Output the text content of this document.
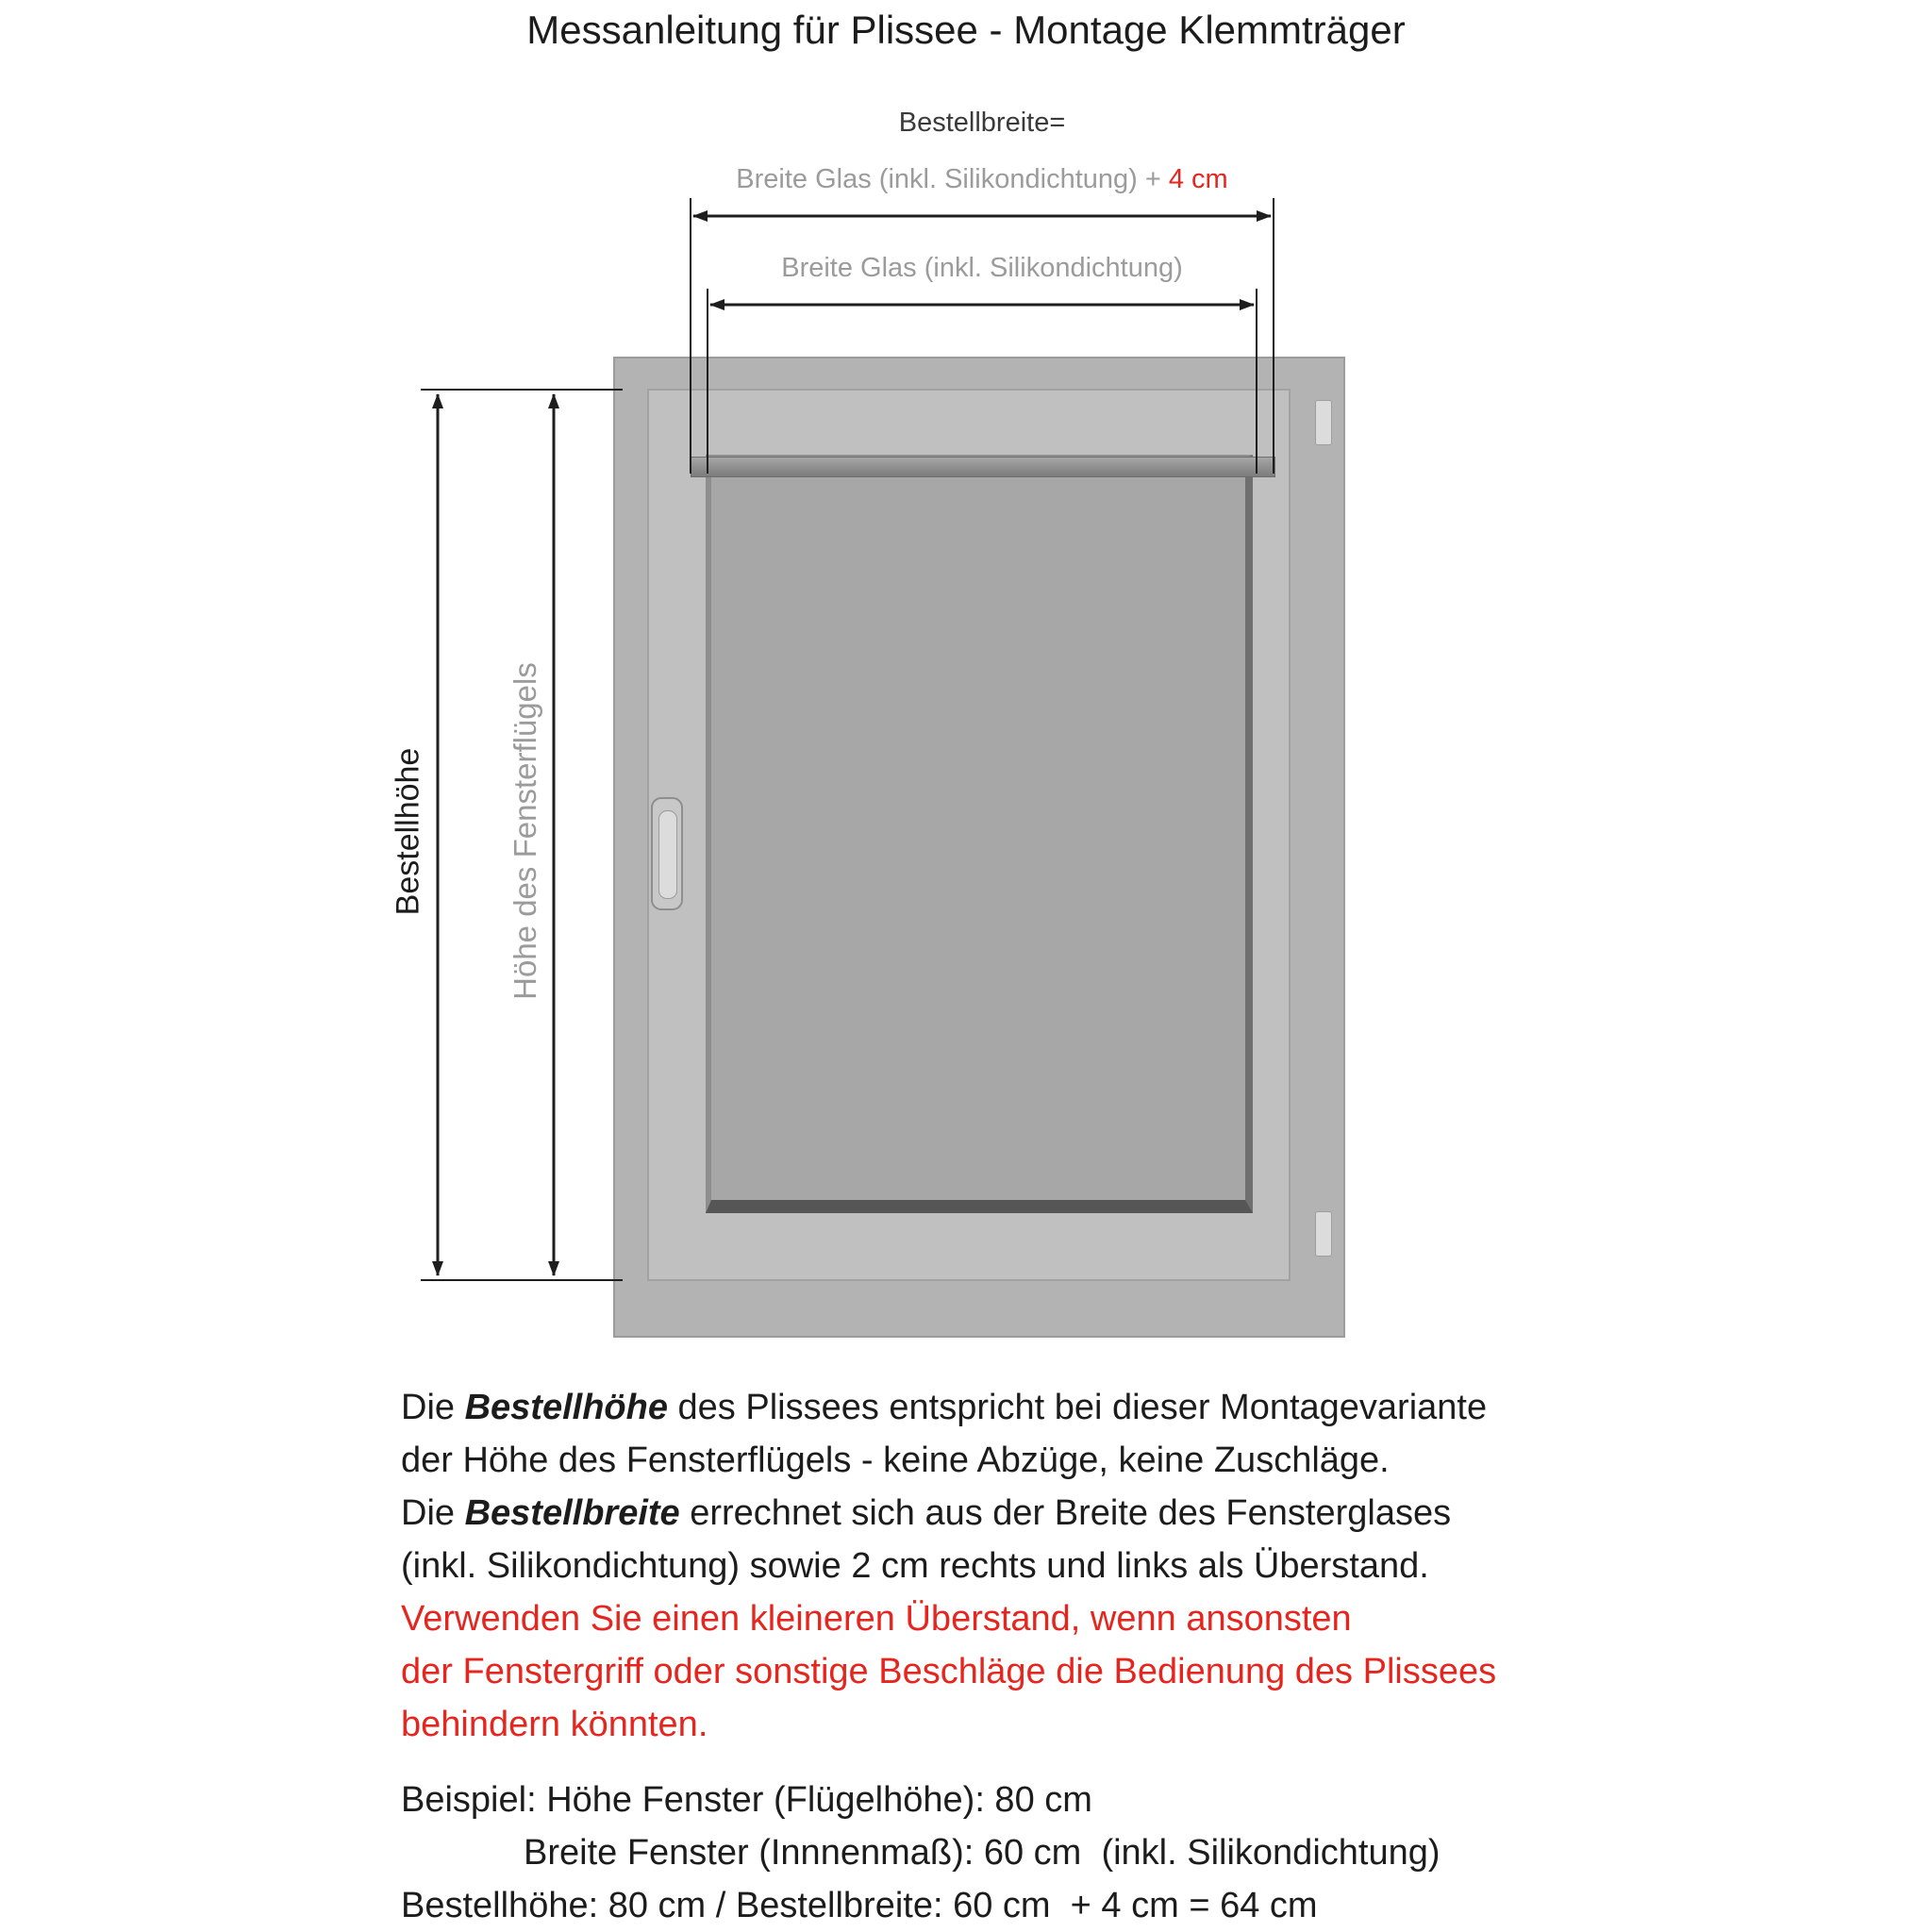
Messanleitung für Plissee - Montage Klemmträger
Bestellbreite=
Breite Glas (inkl. Silikondichtung) + 4 cm
Breite Glas (inkl. Silikondichtung)
Bestellhöhe	Höhe des Fensterflügels
Die Bestellhöhe des Plissees entspricht bei dieser Montagevariante
der Höhe des Fensterflügels - keine Abzüge, keine Zuschläge.
Die Bestellbreite errechnet sich aus der Breite des Fensterglases
(inkl. Silikondichtung) sowie 2 cm rechts und links als Überstand.
Verwenden Sie einen kleineren Überstand, wenn ansonsten
der Fenstergriff oder sonstige Beschläge die Bedienung des Plissees
behindern könnten.
Beispiel: Höhe Fenster (Flügelhöhe): 80 cm
Breite Fenster (Innnenmaß): 60 cm  (inkl. Silikondichtung)
Bestellhöhe: 80 cm / Bestellbreite: 60 cm  + 4 cm = 64 cm
